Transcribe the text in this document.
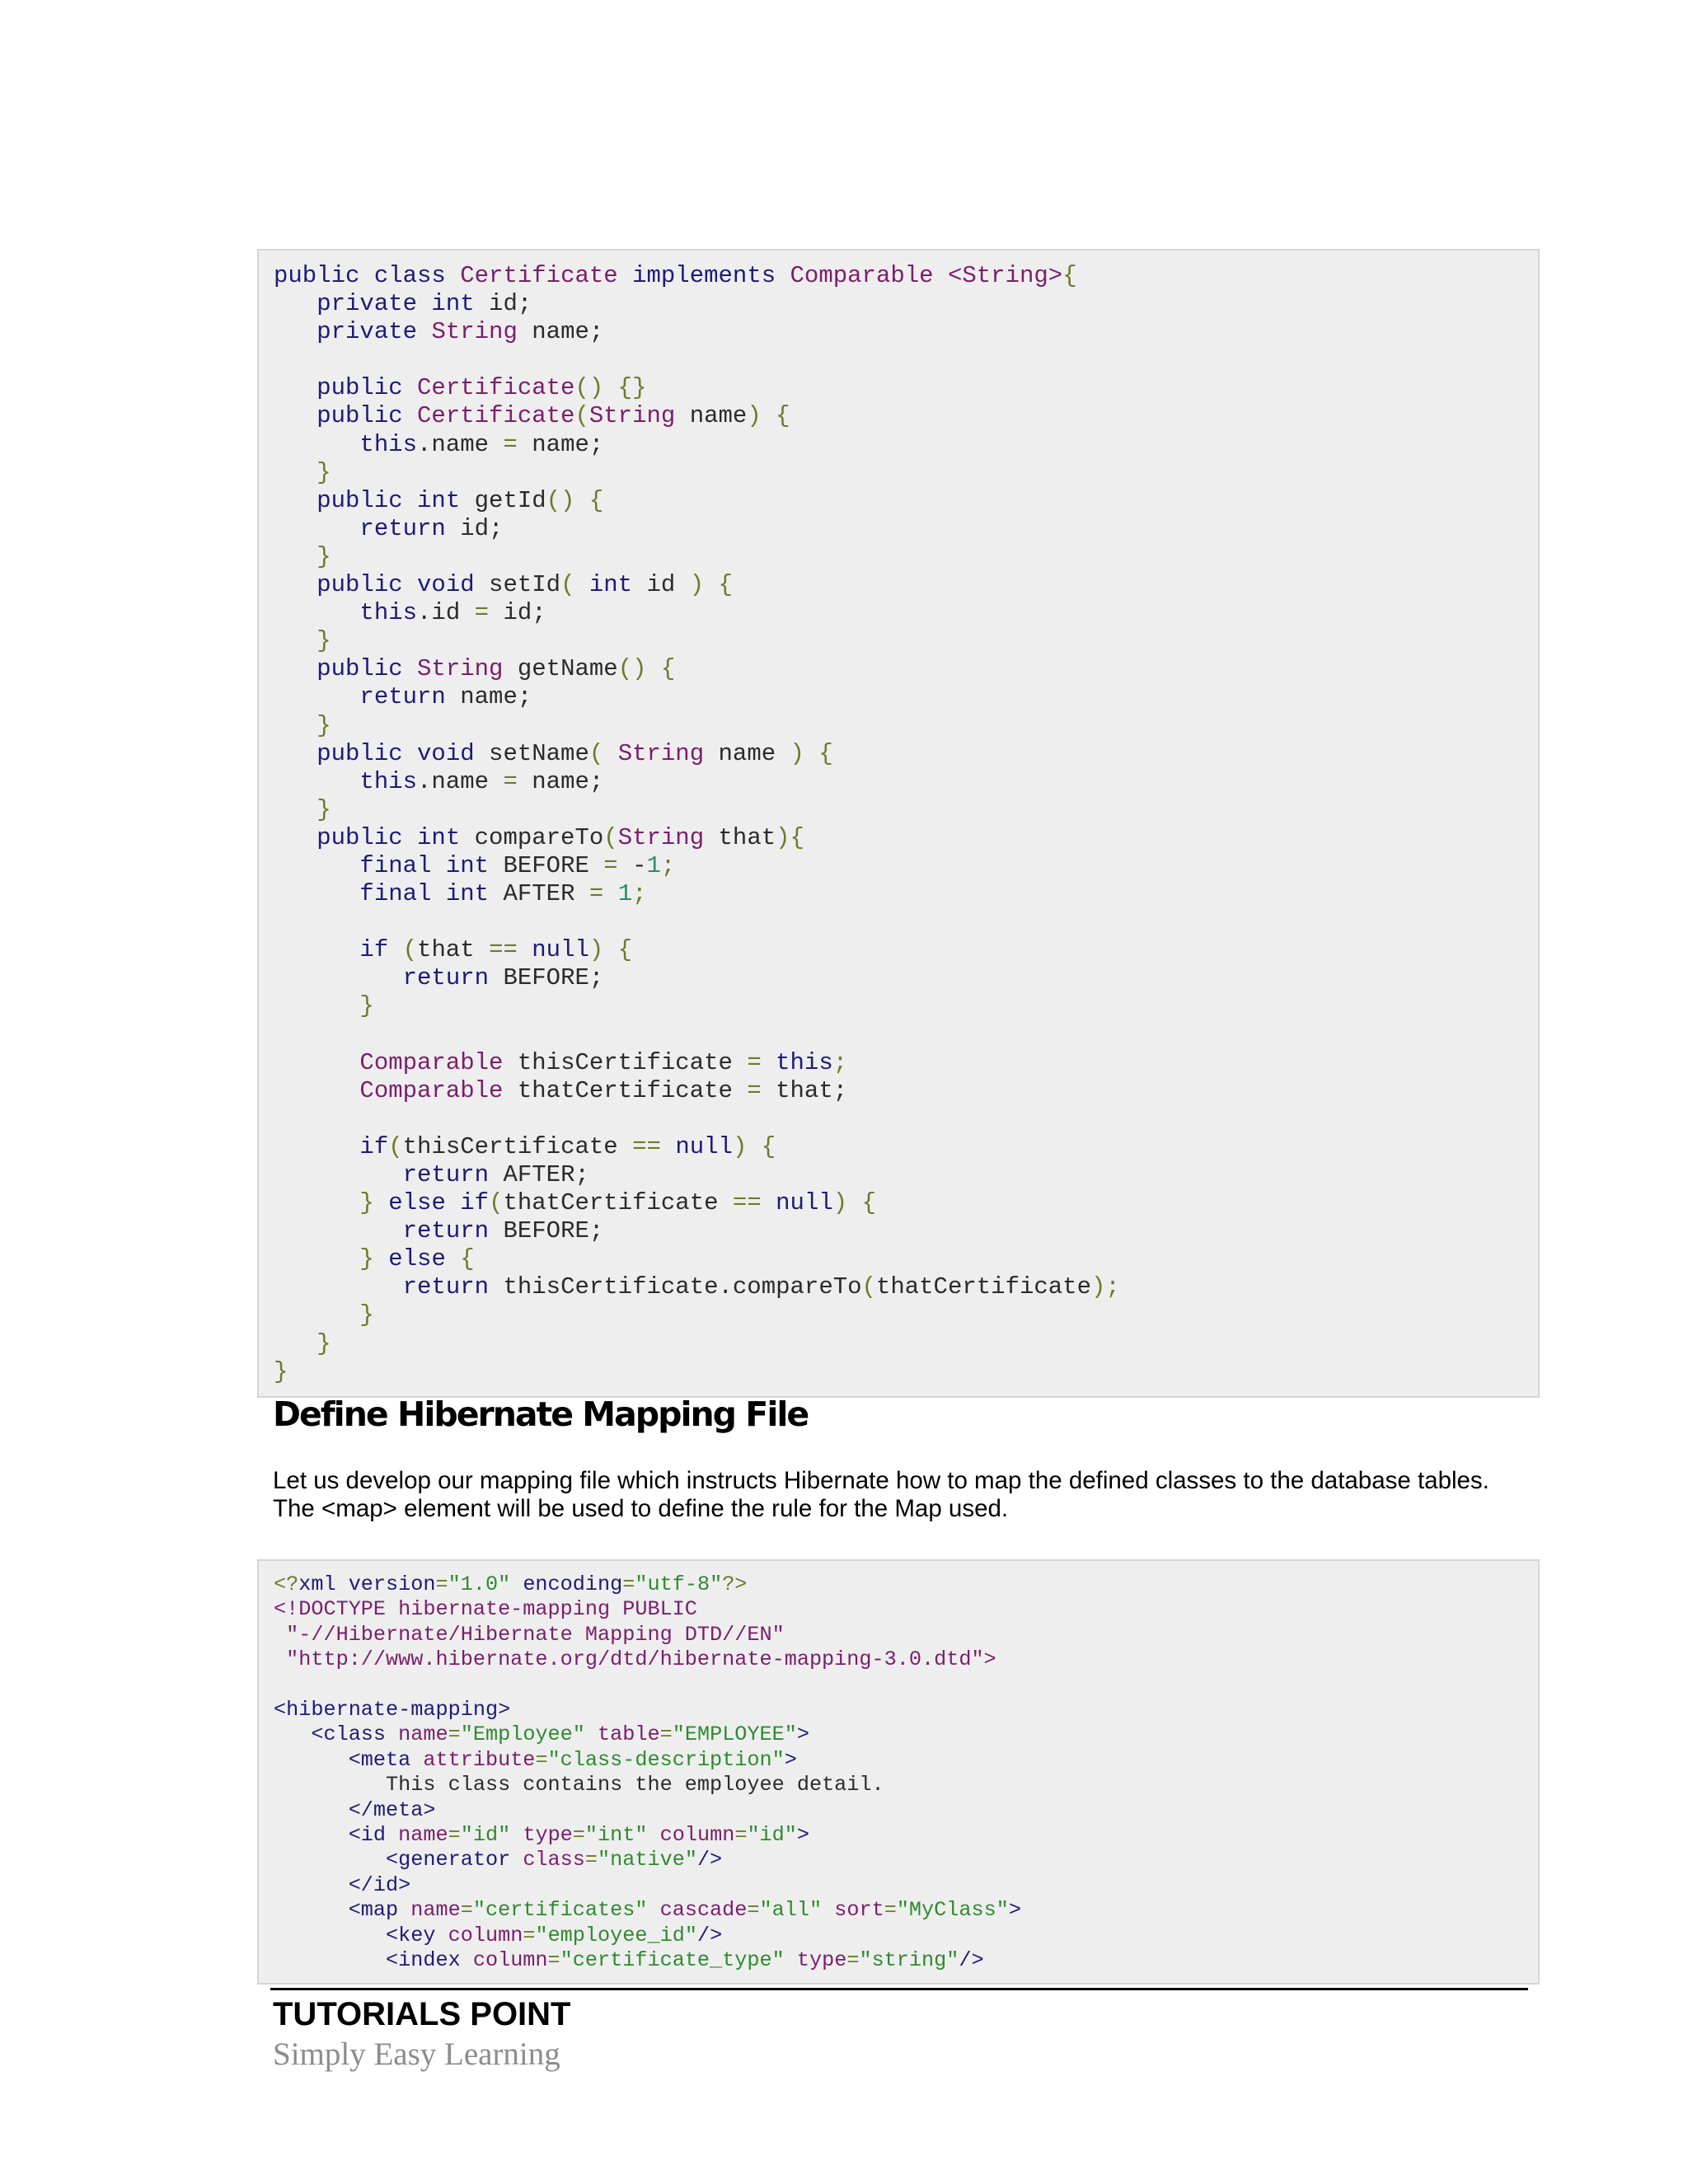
public class Certificate implements Comparable <String>{
private int id;
private String name;

public Certificate() {}
public Certificate(String name) {
this.name = name;
}
public int getId() {
return id;
}
public void setId( int id ) {
this.id = id;
}
public String getName() {
return name;
}
public void setName( String name ) {
this.name = name;
}
public int compareTo(String that){
final int BEFORE = -1;
final int AFTER = 1;

if (that == null) {
return BEFORE;
}

Comparable thisCertificate = this;
Comparable thatCertificate = that;

if(thisCertificate == null) {
return AFTER;
} else if(thatCertificate == null) {
return BEFORE;
} else {
return thisCertificate.compareTo(thatCertificate);
}
}
}
Define Hibernate Mapping File

Let us develop our mapping file which instructs Hibernate how to map the defined classes to the database tables.
The <map> element will be used to define the rule for the Map used.

<?xml version="1.0" encoding="utf-8"?>
<!DOCTYPE hibernate-mapping PUBLIC
"-//Hibernate/Hibernate Mapping DTD//EN"
"http://www.hibernate.org/dtd/hibernate-mapping-3.0.dtd">

<hibernate-mapping>
<class name="Employee" table="EMPLOYEE">
<meta attribute="class-description">
This class contains the employee detail.
</meta>
<id name="id" type="int" column="id">
<generator class="native"/>
</id>
<map name="certificates" cascade="all" sort="MyClass">
<key column="employee_id"/>
<index column="certificate_type" type="string"/>
TUTORIALS POINT
Simply Easy Learning
